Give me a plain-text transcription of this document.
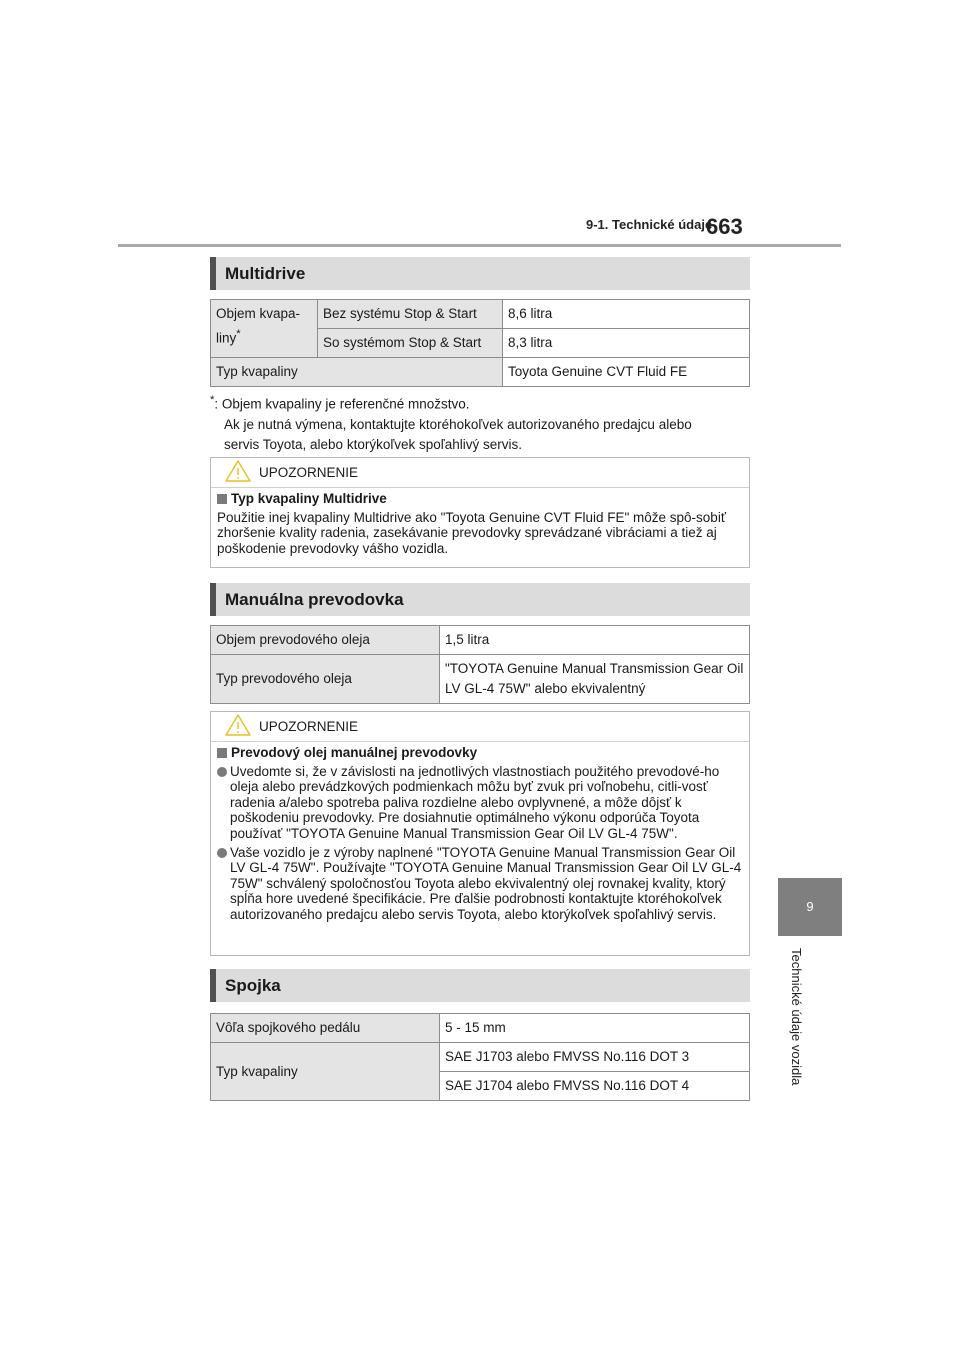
9-1. Technické údaje
663
9
Technické údaje vozidla
Multidrive
Objem kvapa-liny*	Bez systému Stop & Start	8,6 litra
	So systémom Stop & Start	8,3 litra
Typ kvapaliny		Toyota Genuine CVT Fluid FE
*: Objem kvapaliny je referenčné množstvo.
Ak je nutná výmena, kontaktujte ktoréhokoľvek autorizovaného predajcu alebo
servis Toyota, alebo ktorýkoľvek spoľahlivý servis.
UPOZORNENIE
Typ kvapaliny Multidrive
Použitie inej kvapaliny Multidrive ako "Toyota Genuine CVT Fluid FE" môže spô-sobiť zhoršenie kvality radenia, zasekávanie prevodovky sprevádzané vibráciami a tiež aj poškodenie prevodovky vášho vozidla.
Manuálna prevodovka
Objem prevodového oleja	1,5 litra
Typ prevodového oleja	"TOYOTA Genuine Manual Transmission Gear Oil LV GL-4 75W" alebo ekvivalentný
UPOZORNENIE
Prevodový olej manuálnej prevodovky
Uvedomte si, že v závislosti na jednotlivých vlastnostiach použitého prevodové-ho oleja alebo prevádzkových podmienkach môžu byť zvuk pri voľnobehu, citli-vosť radenia a/alebo spotreba paliva rozdielne alebo ovplyvnené, a môže dôjsť k poškodeniu prevodovky. Pre dosiahnutie optimálneho výkonu odporúča Toyota používať "TOYOTA Genuine Manual Transmission Gear Oil LV GL-4 75W".
Vaše vozidlo je z výroby naplnené "TOYOTA Genuine Manual Transmission Gear Oil LV GL-4 75W". Používajte "TOYOTA Genuine Manual Transmission Gear Oil LV GL-4 75W" schválený spoločnosťou Toyota alebo ekvivalentný olej rovnakej kvality, ktorý spĺňa hore uvedené špecifikácie. Pre ďalšie podrobnosti kontaktujte ktoréhokoľvek autorizovaného predajcu alebo servis Toyota, alebo ktorýkoľvek spoľahlivý servis.
Spojka
Vôľa spojkového pedálu	5 - 15 mm
Typ kvapaliny	SAE J1703 alebo FMVSS No.116 DOT 3
	SAE J1704 alebo FMVSS No.116 DOT 4
